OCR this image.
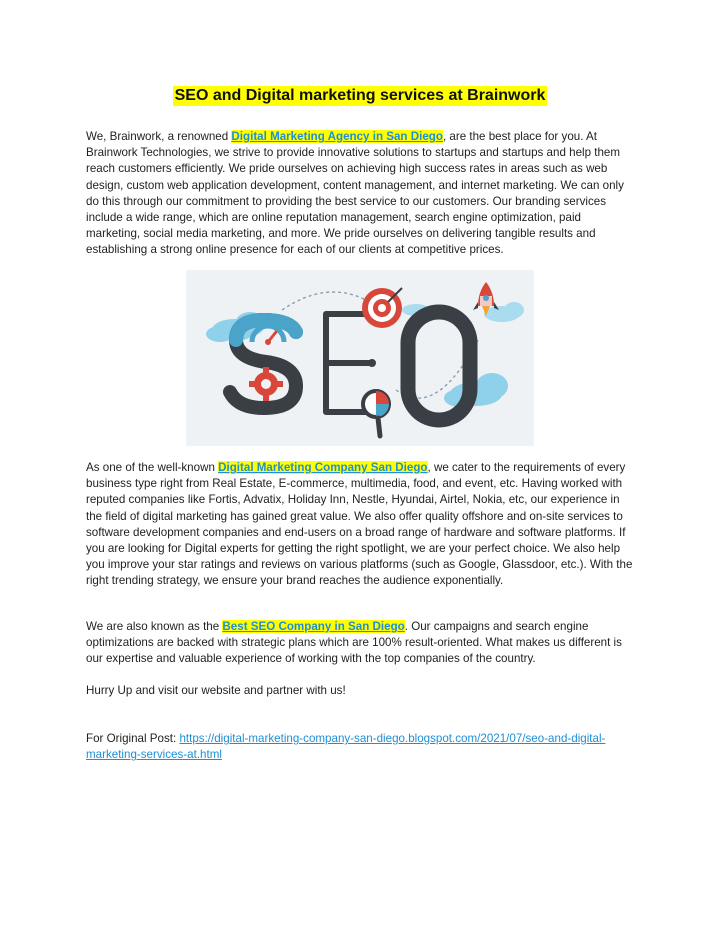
SEO and Digital marketing services at Brainwork

We, Brainwork, a renowned Digital Marketing Agency in San Diego, are the best place for you. At Brainwork Technologies, we strive to provide innovative solutions to startups and startups and help them reach customers efficiently. We pride ourselves on achieving high success rates in areas such as web design, custom web application development, content management, and internet marketing. We can only do this through our commitment to providing the best service to our customers. Our branding services include a wide range, which are online reputation management, search engine optimization, paid marketing, social media marketing, and more. We pride ourselves on delivering tangible results and establishing a strong online presence for each of our clients at competitive prices.

As one of the well-known Digital Marketing Company San Diego, we cater to the requirements of every business type right from Real Estate, E-commerce, multimedia, food, and event, etc. Having worked with reputed companies like Fortis, Advatix, Holiday Inn, Nestle, Hyundai, Airtel, Nokia, etc, our experience in the field of digital marketing has gained great value. We also offer quality offshore and on-site services to software development companies and end-users on a broad range of hardware and software platforms. If you are looking for Digital experts for getting the right spotlight, we are your perfect choice. We also help you improve your star ratings and reviews on various platforms (such as Google, Glassdoor, etc.). With the right trending strategy, we ensure your brand reaches the audience exponentially.

We are also known as the Best SEO Company in San Diego. Our campaigns and search engine optimizations are backed with strategic plans which are 100% result-oriented. What makes us different is our expertise and valuable experience of working with the top companies of the country.

Hurry Up and visit our website and partner with us!

For Original Post: https://digital-marketing-company-san-diego.blogspot.com/2021/07/seo-and-digital-marketing-services-at.html
